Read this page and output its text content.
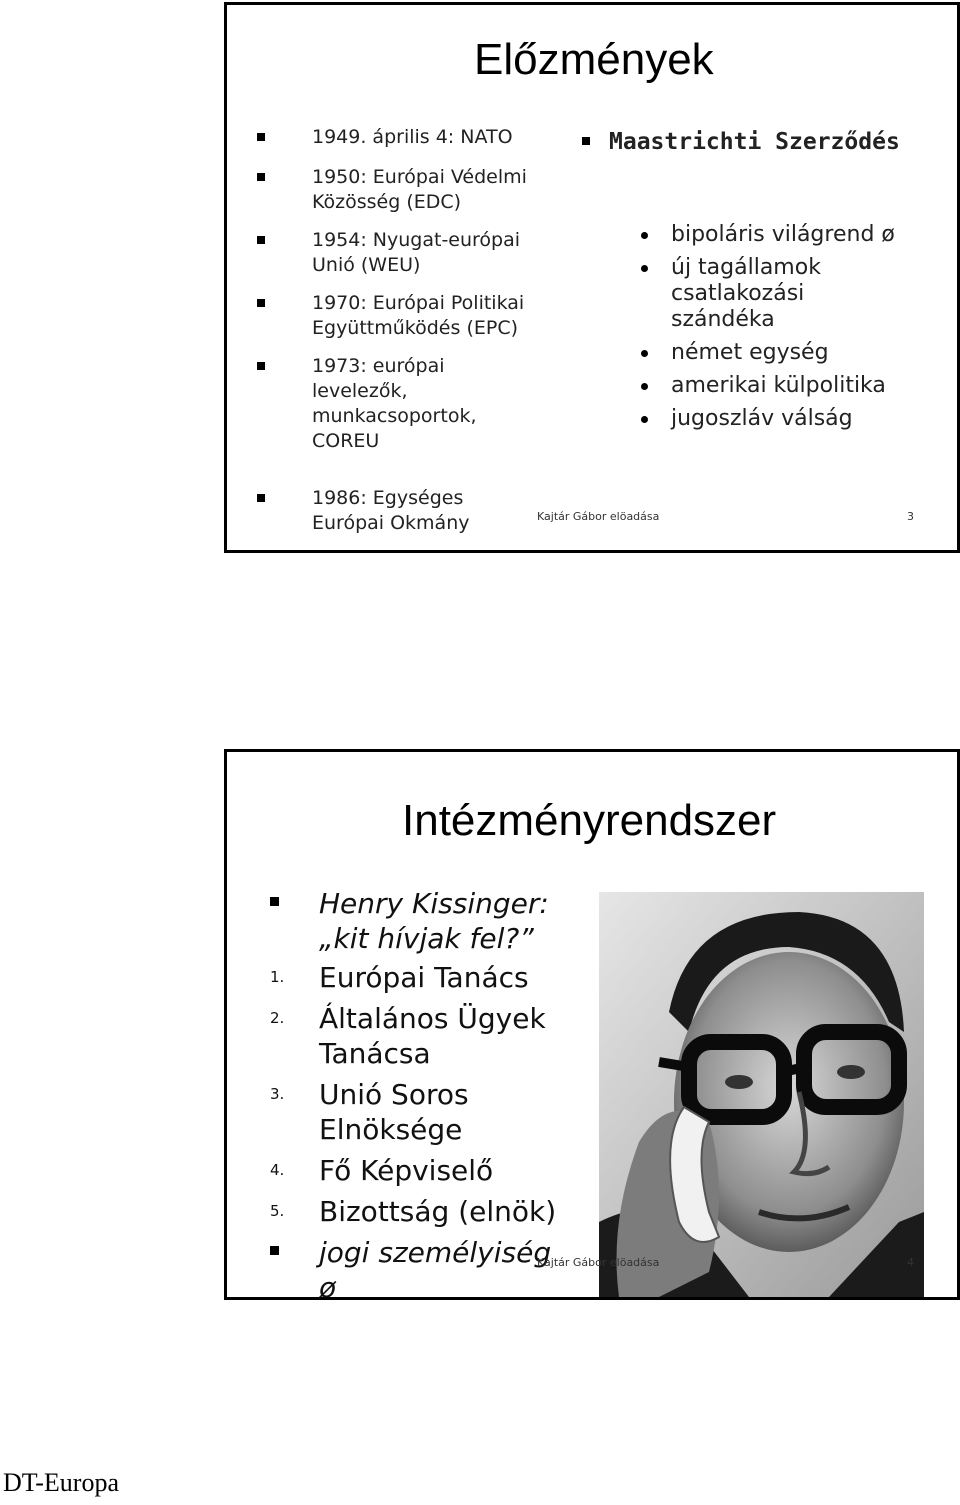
Előzmények
1949. április 4: NATO
1950: Európai Védelmi Közösség (EDC)
1954: Nyugat-európai Unió (WEU)
1970: Európai Politikai Együttműködés (EPC)
1973: európai levelezők, munkacsoportok, COREU
1986: Egységes Európai Okmány
Maastrichti Szerződés
bipoláris világrend ø
új tagállamok csatlakozási szándéka
német egység
amerikai külpolitika
jugoszláv válság
Kajtár Gábor elöadása	3
Intézményrendszer
Henry Kissinger: „kit hívjak fel?”
1. Európai Tanács
2. Általános Ügyek Tanácsa
3. Unió Soros Elnöksége
4. Fő Képviselő
5. Bizottság (elnök)
jogi személyiség ø
Kajtár Gábor elöadása	4
DT-Europa
